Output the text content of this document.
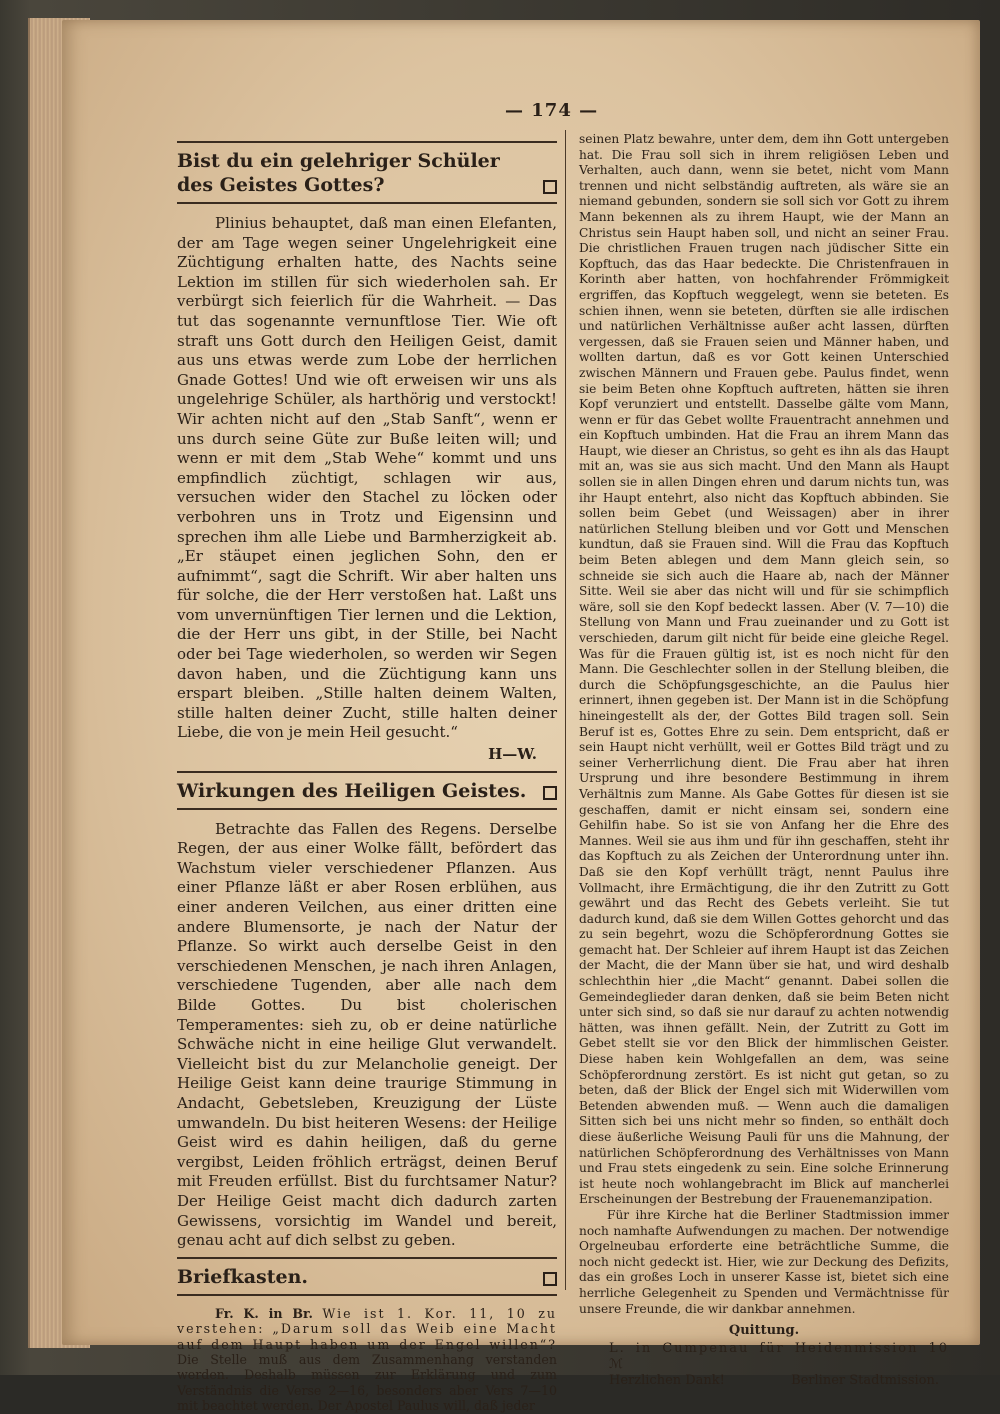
— 174 —
Bist du ein gelehriger Schüler des Geistes Gottes?

Plinius behauptet, daß man einen Elefanten, der am Tage wegen seiner Ungelehrigkeit eine Züchtigung erhalten hatte, des Nachts seine Lektion im stillen für sich wiederholen sah. Er verbürgt sich feierlich für die Wahrheit. — Das tut das sogenannte vernunftlose Tier. Wie oft straft uns Gott durch den Heiligen Geist, damit aus uns etwas werde zum Lobe der herrlichen Gnade Gottes! Und wie oft erweisen wir uns als ungelehrige Schüler, als harthörig und verstockt! Wir achten nicht auf den „Stab Sanft“, wenn er uns durch seine Güte zur Buße leiten will; und wenn er mit dem „Stab Wehe“ kommt und uns empfindlich züchtigt, schlagen wir aus, versuchen wider den Stachel zu löcken oder verbohren uns in Trotz und Eigensinn und sprechen ihm alle Liebe und Barmherzigkeit ab. „Er stäupet einen jeglichen Sohn, den er aufnimmt“, sagt die Schrift. Wir aber halten uns für solche, die der Herr verstoßen hat. Laßt uns vom unvernünftigen Tier lernen und die Lektion, die der Herr uns gibt, in der Stille, bei Nacht oder bei Tage wiederholen, so werden wir Segen davon haben, und die Züchtigung kann uns erspart bleiben. „Stille halten deinem Walten, stille halten deiner Zucht, stille halten deiner Liebe, die von je mein Heil gesucht.“

H—W.

Wirkungen des Heiligen Geistes.

Betrachte das Fallen des Regens. Derselbe Regen, der aus einer Wolke fällt, befördert das Wachstum vieler verschiedener Pflanzen. Aus einer Pflanze läßt er aber Rosen erblühen, aus einer anderen Veilchen, aus einer dritten eine andere Blumensorte, je nach der Natur der Pflanze. So wirkt auch derselbe Geist in den verschiedenen Menschen, je nach ihren Anlagen, verschiedene Tugenden, aber alle nach dem Bilde Gottes. Du bist cholerischen Temperamentes: sieh zu, ob er deine natürliche Schwäche nicht in eine heilige Glut verwandelt. Vielleicht bist du zur Melancholie geneigt. Der Heilige Geist kann deine traurige Stimmung in Andacht, Gebetsleben, Kreuzigung der Lüste umwandeln. Du bist heiteren Wesens: der Heilige Geist wird es dahin heiligen, daß du gerne vergibst, Leiden fröhlich erträgst, deinen Beruf mit Freuden erfüllst. Bist du furchtsamer Natur? Der Heilige Geist macht dich dadurch zarten Gewissens, vorsichtig im Wandel und bereit, genau acht auf dich selbst zu geben.

Briefkasten.

Fr. K. in Br. Wie ist 1. Kor. 11, 10 zu verstehen: „Darum soll das Weib eine Macht auf dem Haupt haben um der Engel willen“? Die Stelle muß aus dem Zusammenhang verstanden werden. Deshalb müssen zur Erklärung und zum Verständnis die Verse 2—16, besonders aber Vers 7—10 mit beachtet werden. Der Apostel Paulus will, daß jeder

seinen Platz bewahre, unter dem, dem ihn Gott untergeben hat. Die Frau soll sich in ihrem religiösen Leben und Verhalten, auch dann, wenn sie betet, nicht vom Mann trennen und nicht selbständig auftreten, als wäre sie an niemand gebunden, sondern sie soll sich vor Gott zu ihrem Mann bekennen als zu ihrem Haupt, wie der Mann an Christus sein Haupt haben soll, und nicht an seiner Frau. Die christlichen Frauen trugen nach jüdischer Sitte ein Kopftuch, das das Haar bedeckte. Die Christenfrauen in Korinth aber hatten, von hochfahrender Frömmigkeit ergriffen, das Kopftuch weggelegt, wenn sie beteten. Es schien ihnen, wenn sie beteten, dürften sie alle irdischen und natürlichen Verhältnisse außer acht lassen, dürften vergessen, daß sie Frauen seien und Männer haben, und wollten dartun, daß es vor Gott keinen Unterschied zwischen Männern und Frauen gebe. Paulus findet, wenn sie beim Beten ohne Kopftuch auftreten, hätten sie ihren Kopf verunziert und entstellt. Dasselbe gälte vom Mann, wenn er für das Gebet wollte Frauentracht annehmen und ein Kopftuch umbinden. Hat die Frau an ihrem Mann das Haupt, wie dieser an Christus, so geht es ihn als das Haupt mit an, was sie aus sich macht. Und den Mann als Haupt sollen sie in allen Dingen ehren und darum nichts tun, was ihr Haupt entehrt, also nicht das Kopftuch abbinden. Sie sollen beim Gebet (und Weissagen) aber in ihrer natürlichen Stellung bleiben und vor Gott und Menschen kundtun, daß sie Frauen sind. Will die Frau das Kopftuch beim Beten ablegen und dem Mann gleich sein, so schneide sie sich auch die Haare ab, nach der Männer Sitte. Weil sie aber das nicht will und für sie schimpflich wäre, soll sie den Kopf bedeckt lassen. Aber (V. 7—10) die Stellung von Mann und Frau zueinander und zu Gott ist verschieden, darum gilt nicht für beide eine gleiche Regel. Was für die Frauen gültig ist, ist es noch nicht für den Mann. Die Geschlechter sollen in der Stellung bleiben, die durch die Schöpfungsgeschichte, an die Paulus hier erinnert, ihnen gegeben ist. Der Mann ist in die Schöpfung hineingestellt als der, der Gottes Bild tragen soll. Sein Beruf ist es, Gottes Ehre zu sein. Dem entspricht, daß er sein Haupt nicht verhüllt, weil er Gottes Bild trägt und zu seiner Verherrlichung dient. Die Frau aber hat ihren Ursprung und ihre besondere Bestimmung in ihrem Verhältnis zum Manne. Als Gabe Gottes für diesen ist sie geschaffen, damit er nicht einsam sei, sondern eine Gehilfin habe. So ist sie von Anfang her die Ehre des Mannes. Weil sie aus ihm und für ihn geschaffen, steht ihr das Kopftuch zu als Zeichen der Unterordnung unter ihn. Daß sie den Kopf verhüllt trägt, nennt Paulus ihre Vollmacht, ihre Ermächtigung, die ihr den Zutritt zu Gott gewährt und das Recht des Gebets verleiht. Sie tut dadurch kund, daß sie dem Willen Gottes gehorcht und das zu sein begehrt, wozu die Schöpferordnung Gottes sie gemacht hat. Der Schleier auf ihrem Haupt ist das Zeichen der Macht, die der Mann über sie hat, und wird deshalb schlechthin hier „die Macht“ genannt. Dabei sollen die Gemeindeglieder daran denken, daß sie beim Beten nicht unter sich sind, so daß sie nur darauf zu achten notwendig hätten, was ihnen gefällt. Nein, der Zutritt zu Gott im Gebet stellt sie vor den Blick der himmlischen Geister. Diese haben kein Wohlgefallen an dem, was seine Schöpferordnung zerstört. Es ist nicht gut getan, so zu beten, daß der Blick der Engel sich mit Widerwillen vom Betenden abwenden muß. — Wenn auch die damaligen Sitten sich bei uns nicht mehr so finden, so enthält doch diese äußerliche Weisung Pauli für uns die Mahnung, der natürlichen Schöpferordnung des Verhältnisses von Mann und Frau stets eingedenk zu sein. Eine solche Erinnerung ist heute noch wohlangebracht im Blick auf mancherlei Erscheinungen der Bestrebung der Frauenemanzipation.

Für ihre Kirche hat die Berliner Stadtmission immer noch namhafte Aufwendungen zu machen. Der notwendige Orgelneubau erforderte eine beträchtliche Summe, die noch nicht gedeckt ist. Hier, wie zur Deckung des Defizits, das ein großes Loch in unserer Kasse ist, bietet sich eine herrliche Gelegenheit zu Spenden und Vermächtnisse für unsere Freunde, die wir dankbar annehmen.

Quittung.
L. in Cumpenau für Heidenmission 10 ℳ
Herzlichen Dank!	Berliner Stadtmission.
